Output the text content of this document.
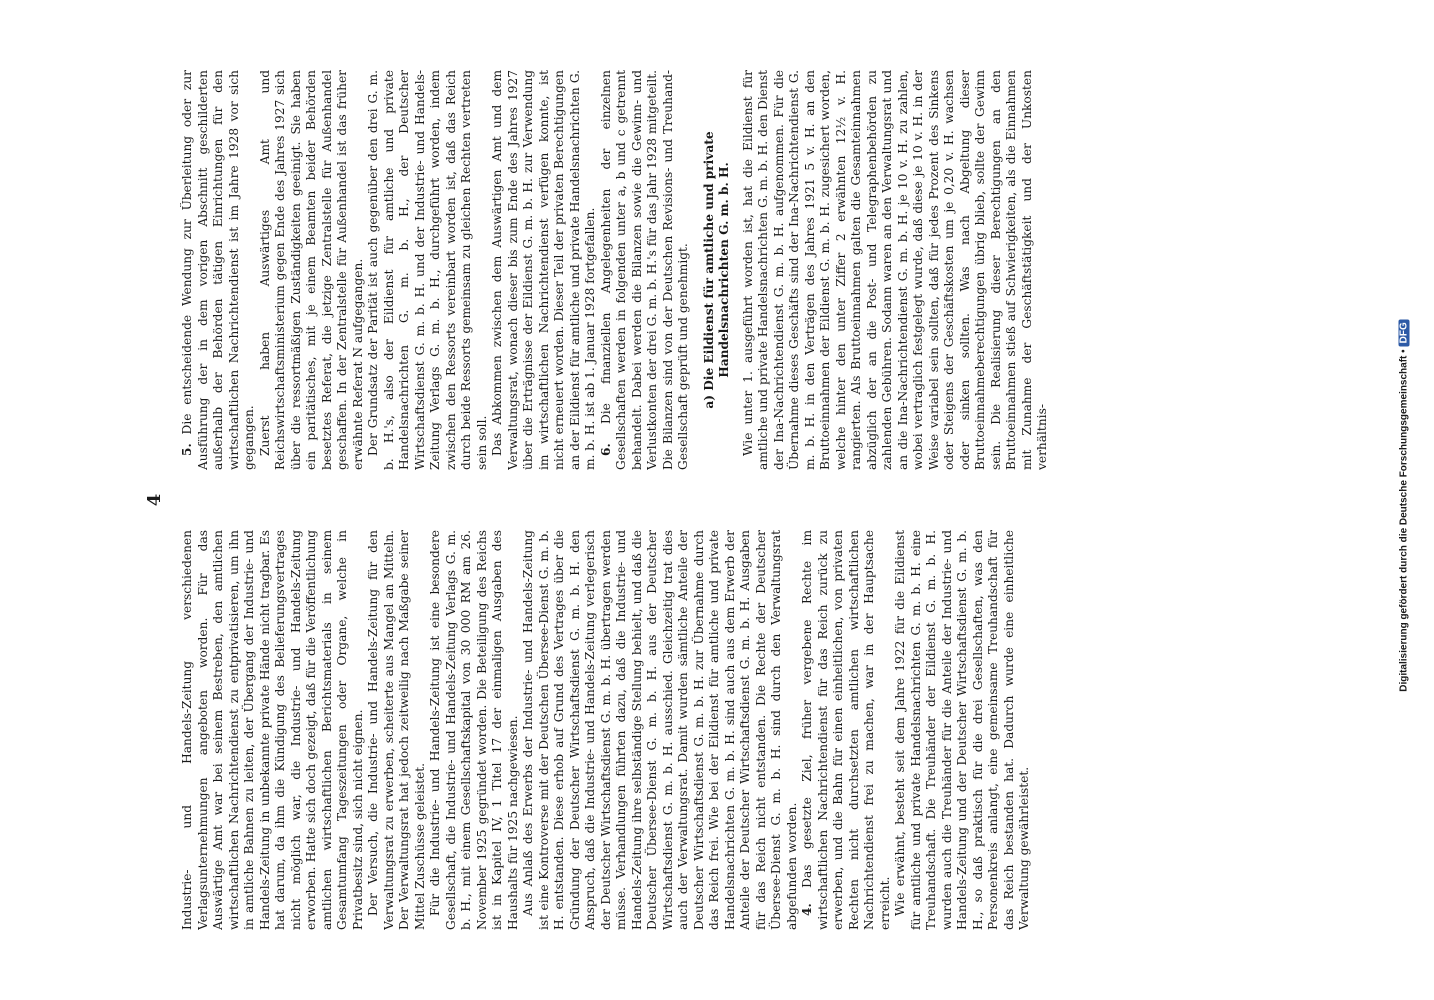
4

Industrie- und Handels-Zeitung verschiedenen Verlagsunternehmungen angeboten worden. Für das Auswärtige Amt war bei seinem Bestreben, den amtlichen wirtschaftlichen Nachrichtendienst zu entprivatisieren, um ihn in amtliche Bahnen zu leiten, der Übergang der Industrie- und Handels-Zeitung in unbekannte private Hände nicht tragbar. Es hat darum, da ihm die Kündigung des Belieferungsvertrages nicht möglich war, die Industrie- und Handels-Zeitung erworben. Hatte sich doch gezeigt, daß für die Veröffentlichung amtlichen wirtschaftlichen Berichtsmaterials in seinem Gesamtumfang Tageszeitungen oder Organe, welche in Privatbesitz sind, sich nicht eignen. Der Versuch, die Industrie- und Handels-Zeitung für den Verwaltungsrat zu erwerben, scheiterte aus Mangel an Mitteln. Der Verwaltungsrat hat jedoch zeitweilig nach Maßgabe seiner Mittel Zuschüsse geleistet. Für die Industrie- und Handels-Zeitung ist eine besondere Gesellschaft, die Industrie- und Handels-Zeitung Verlags G. m. b. H., mit einem Gesellschaftskapital von 30 000 RM am 26. November 1925 gegründet worden. Die Beteiligung des Reichs ist in Kapitel IV, 1 Titel 17 der einmaligen Ausgaben des Haushalts für 1925 nachgewiesen. Aus Anlaß des Erwerbs der Industrie- und Handels-Zeitung ist eine Kontroverse mit der Deutschen Übersee-Dienst G. m. b. H. entstanden. Diese erhob auf Grund des Vertrages über die Gründung der Deutscher Wirtschaftsdienst G. m. b. H. den Anspruch, daß die Industrie- und Handels-Zeitung verlegerisch der Deutscher Wirtschaftsdienst G. m. b. H. übertragen werden müsse. Verhandlungen führten dazu, daß die Industrie- und Handels-Zeitung ihre selbständige Stellung behielt, und daß die Deutscher Übersee-Dienst G. m. b. H. aus der Deutscher Wirtschaftsdienst G. m. b. H. ausschied. Gleichzeitig trat dies auch der Verwaltungsrat. Damit wurden sämtliche Anteile der Deutscher Wirtschaftsdienst G. m. b. H. zur Übernahme durch das Reich frei. Wie bei der Eildienst für amtliche und private Handelsnachrichten G. m. b. H. sind auch aus dem Erwerb der Anteile der Deutscher Wirtschaftsdienst G. m. b. H. Ausgaben für das Reich nicht entstanden. Die Rechte der Deutscher Übersee-Dienst G. m. b. H. sind durch den Verwaltungsrat abgefunden worden. 4. Das gesetzte Ziel, früher vergebene Rechte im wirtschaftlichen Nachrichtendienst für das Reich zurück zu erwerben, und die Bahn für einen einheitlichen, von privaten Rechten nicht durchsetzten amtlichen wirtschaftlichen Nachrichtendienst frei zu machen, war in der Hauptsache erreicht. Wie erwähnt, besteht seit dem Jahre 1922 für die Eildienst für amtliche und private Handelsnachrichten G. m. b. H. eine Treuhandschaft. Die Treuhänder der Eildienst G. m. b. H. wurden auch die Treuhänder für die Anteile der Industrie- und Handels-Zeitung und der Deutscher Wirtschaftsdienst G. m. b. H., so daß praktisch für die drei Gesellschaften, was den Personenkreis anlangt, eine gemeinsame Treuhandschaft für das Reich bestanden hat. Dadurch wurde eine einheitliche Verwaltung gewährleistet.

5. Die entscheidende Wendung zur Überleitung oder zur Ausführung der in dem vorigen Abschnitt geschilderten außerhalb der Behörden tätigen Einrichtungen für den wirtschaftlichen Nachrichtendienst ist im Jahre 1928 vor sich gegangen. Zuerst haben Auswärtiges Amt und Reichswirtschaftsministerium gegen Ende des Jahres 1927 sich über die ressortmäßigen Zuständigkeiten geeinigt. Sie haben ein paritätisches, mit je einem Beamten beider Behörden besetztes Referat, die jetzige Zentralstelle für Außenhandel geschaffen. In der Zentralstelle für Außenhandel ist das früher erwähnte Referat N aufgegangen. Der Grundsatz der Parität ist auch gegenüber den drei G. m. b. H.'s, also der Eildienst für amtliche und private Handelsnachrichten G. m. b. H., der Deutscher Wirtschaftsdienst G. m. b. H. und der Industrie- und Handels-Zeitung Verlags G. m. b. H., durchgeführt worden, indem zwischen den Ressorts vereinbart worden ist, daß das Reich durch beide Ressorts gemeinsam zu gleichen Rechten vertreten sein soll. Das Abkommen zwischen dem Auswärtigen Amt und dem Verwaltungsrat, wonach dieser bis zum Ende des Jahres 1927 über die Erträgnisse der Eildienst G. m. b. H. zur Verwendung im wirtschaftlichen Nachrichtendienst verfügen konnte, ist nicht erneuert worden. Dieser Teil der privaten Berechtigungen an der Eildienst für amtliche und private Handelsnachrichten G. m. b. H. ist ab 1. Januar 1928 fortgefallen. 6. Die finanziellen Angelegenheiten der einzelnen Gesellschaften werden in folgenden unter a, b und c getrennt behandelt. Dabei werden die Bilanzen sowie die Gewinn- und Verlustkonten der drei G. m. b. H.'s für das Jahr 1928 mitgeteilt. Die Bilanzen sind von der Deutschen Revisions- und Treuhand-Gesellschaft geprüft und genehmigt. a) Die Eildienst für amtliche und private Handelsnachrichten G. m. b. H. Wie unter 1. ausgeführt worden ist, hat die Eildienst für amtliche und private Handelsnachrichten G. m. b. H. den Dienst der Ina-Nachrichtendienst G. m. b. H. aufgenommen. Für die Übernahme dieses Geschäfts sind der Ina-Nachrichtendienst G. m. b. H. in den Verträgen des Jahres 1921 5 v. H. an den Bruttoeinnahmen der Eildienst G. m. b. H. zugesichert worden, welche hinter den unter Ziffer 2 erwähnten 12½ v. H. rangierten. Als Bruttoeinnahmen galten die Gesamteinnahmen abzüglich der an die Post- und Telegraphenbehörden zu zahlenden Gebühren. Sodann waren an den Verwaltungsrat und an die Ina-Nachrichtendienst G. m. b. H. je 10 v. H. zu zahlen, wobei vertraglich festgelegt wurde, daß diese je 10 v. H. in der Weise variabel sein sollten, daß für jedes Prozent des Sinkens oder Steigens der Geschäftskosten um je 0,20 v. H. wachsen oder sinken sollten. Was nach Abgeltung dieser Bruttoeinnahmeberechtigungen übrig blieb, sollte der Gewinn sein. Die Realisierung dieser Berechtigungen an den Bruttoeinnahmen stieß auf Schwierigkeiten, als die Einnahmen mit Zunahme der Geschäftstätigkeit und der Unkosten verhältnis-	Digitalisierung gefördert durch die Deutsche Forschungsgemeinschaft •DFG
